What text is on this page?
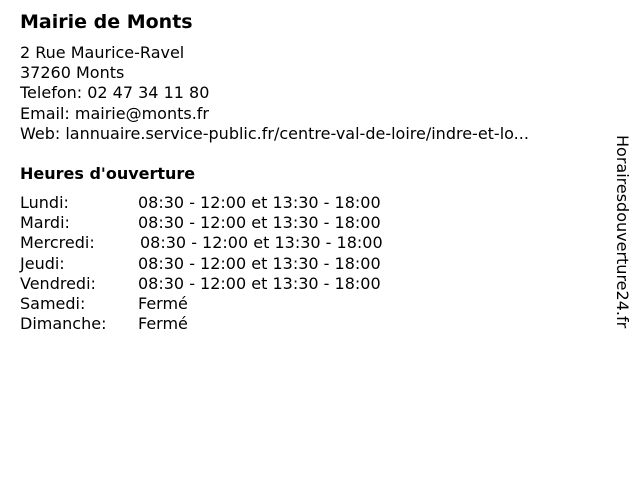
Mairie de Monts
2 Rue Maurice-Ravel
37260 Monts
Telefon: 02 47 34 11 80
Email: mairie@monts.fr
Web: lannuaire.service-public.fr/centre-val-de-loire/indre-et-lo...
Heures d'ouverture
Lundi:	08:30 - 12:00 et 13:30 - 18:00
Mardi:	08:30 - 12:00 et 13:30 - 18:00
Mercredi:	08:30 - 12:00 et 13:30 - 18:00
Jeudi:	08:30 - 12:00 et 13:30 - 18:00
Vendredi:	08:30 - 12:00 et 13:30 - 18:00
Samedi:	Fermé
Dimanche: Fermé	Horairesdouverture24.fr
